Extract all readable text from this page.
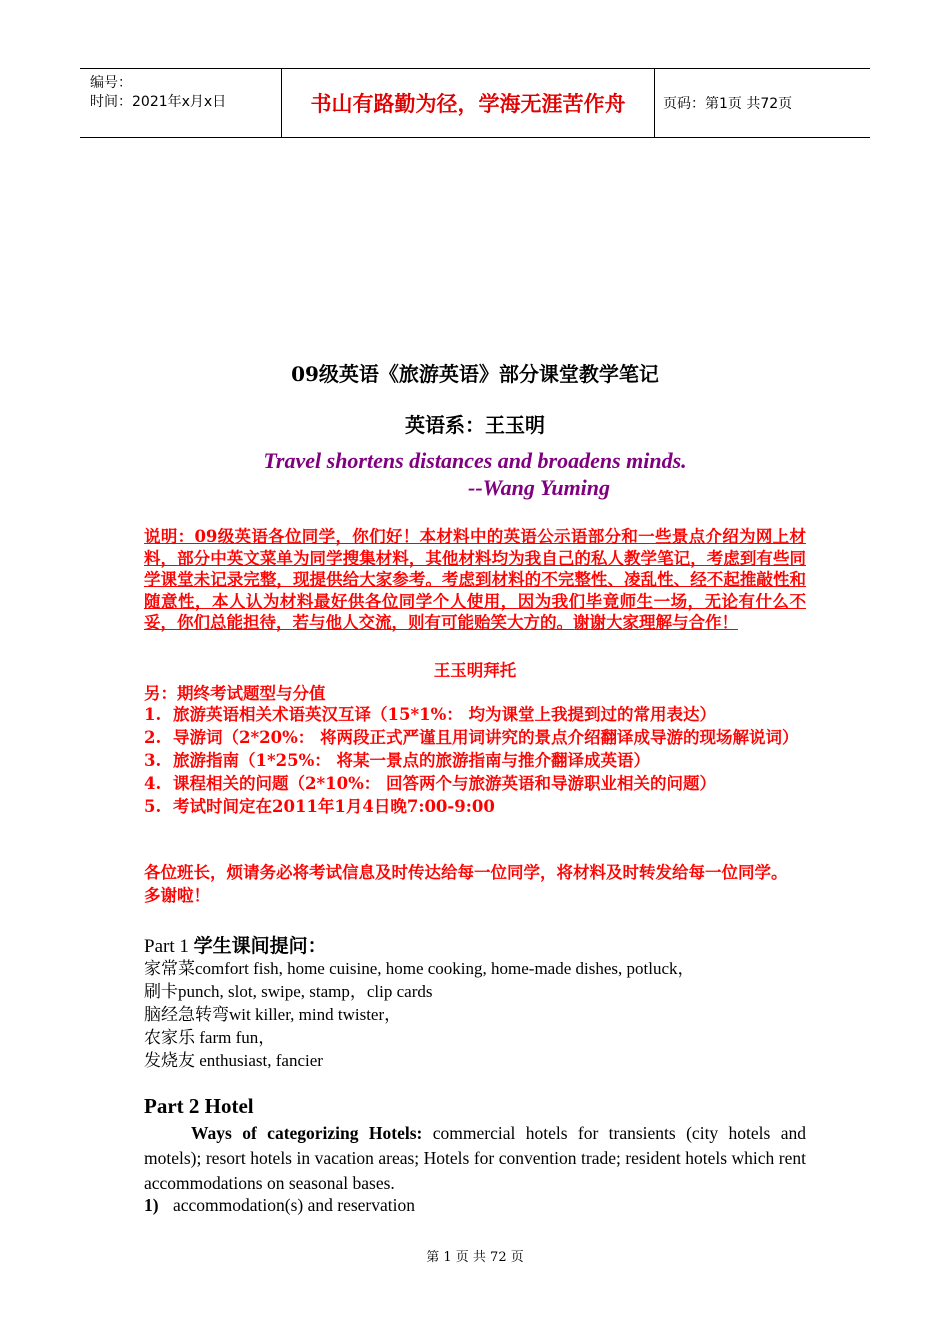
编号：
时间：2021年x月x日	书山有路勤为径，学海无涯苦作舟	页码：第1页 共72页
09级英语《旅游英语》部分课堂教学笔记
英语系：王玉明
Travel shortens distances and broadens minds.
--Wang Yuming
说明：09级英语各位同学，你们好！本材料中的英语公示语部分和一些景点介绍为网上材料，部分中英文菜单为同学搜集材料，其他材料均为我自己的私人教学笔记，考虑到有些同学课堂未记录完整，现提供给大家参考。考虑到材料的不完整性、凌乱性、经不起推敲性和随意性，本人认为材料最好供各位同学个人使用，因为我们毕竟师生一场，无论有什么不妥，你们总能担待，若与他人交流，则有可能贻笑大方的。谢谢大家理解与合作！
王玉明拜托
另：期终考试题型与分值
1. 旅游英语相关术语英汉互译（15*1%： 均为课堂上我提到过的常用表达）
2. 导游词（2*20%： 将两段正式严谨且用词讲究的景点介绍翻译成导游的现场解说词）
3. 旅游指南（1*25%： 将某一景点的旅游指南与推介翻译成英语）
4. 课程相关的问题（2*10%： 回答两个与旅游英语和导游职业相关的问题）
5. 考试时间定在2011年1月4日晚7:00-9:00
各位班长，烦请务必将考试信息及时传达给每一位同学，将材料及时转发给每一位同学。 多谢啦！
Part 1 学生课间提问：
家常菜comfort fish, home cuisine, home cooking, home-made dishes, potluck，
刷卡punch, slot, swipe, stamp，clip cards
脑经急转弯wit killer, mind twister，
农家乐 farm fun，
发烧友 enthusiast, fancier
Part 2 Hotel
Ways of categorizing Hotels: commercial hotels for transients (city hotels and motels); resort hotels in vacation areas; Hotels for convention trade; resident hotels which rent accommodations on seasonal bases.
1) accommodation(s) and reservation
第 1 页 共 72 页
